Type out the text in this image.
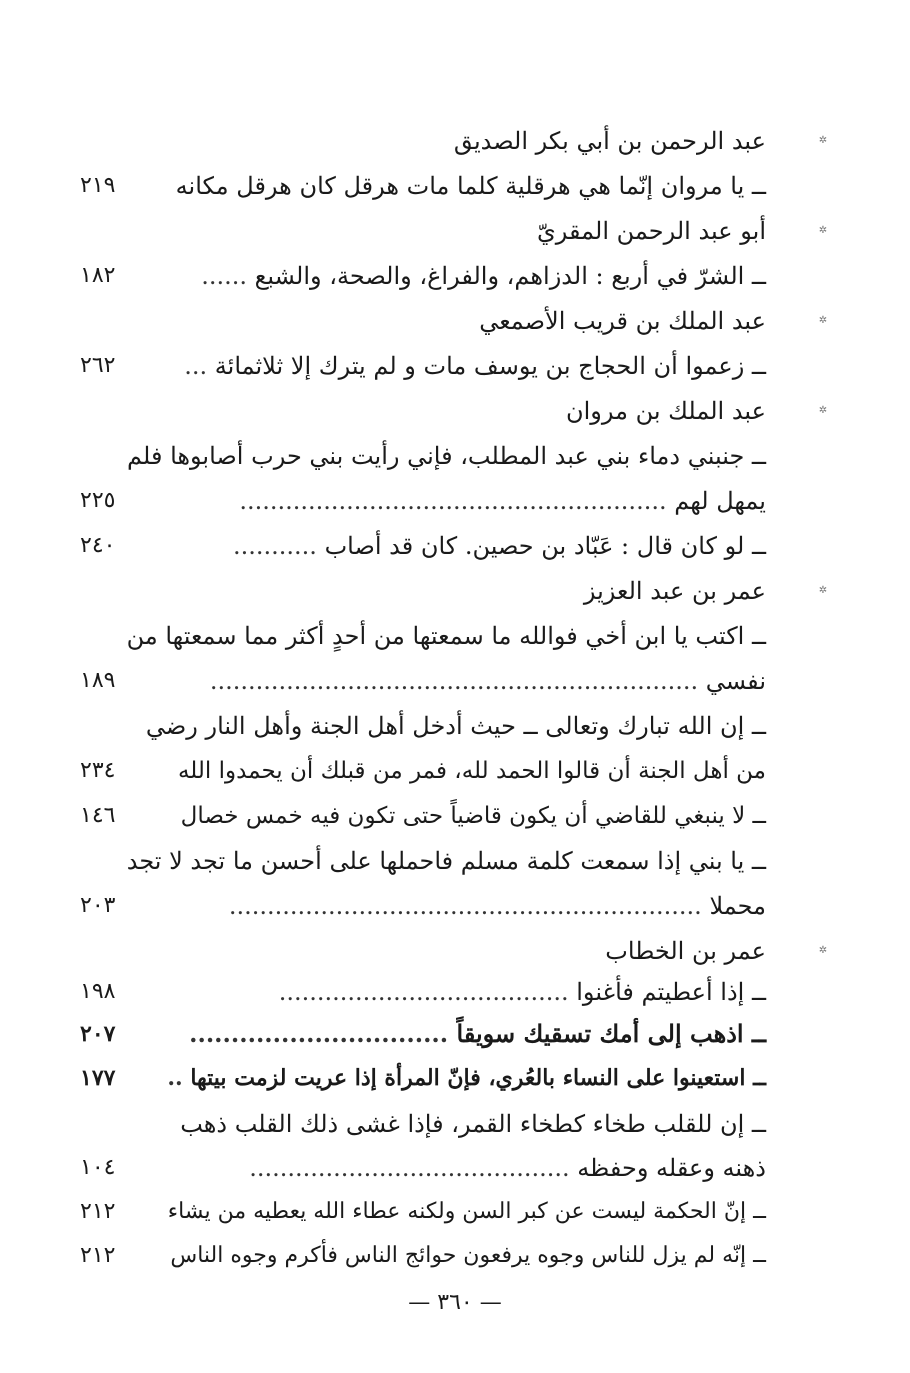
✲
عبد الرحمن بن أبي بكر الصديق
ــ يا مروان إنّما هي هرقلية كلما مات هرقل كان هرقل مكانه
٢١٩
✲
أبو عبد الرحمن المقريّ
ــ الشرّ في أربع : الدزاهم، والفراغ، والصحة، والشبع ......
١٨٢
✲
عبد الملك بن قريب الأصمعي
ــ زعموا أن الحجاج بن يوسف مات و لم يترك إلا ثلاثمائة ...
٢٦٢
✲
عبد الملك بن مروان
ــ جنبني دماء بني عبد المطلب، فإني رأيت بني حرب أصابوها فلم
يمهل لهم ........................................................
٢٢٥
ــ لو كان قال : عَبّاد بن حصين. كان قد أصاب ...........
٢٤٠
✲
عمر بن عبد العزيز
ــ اكتب يا ابن أخي فوالله ما سمعتها من أحدٍ أكثر مما سمعتها من
نفسي ................................................................
١٨٩
ــ إن الله تبارك وتعالى ــ حيث أدخل أهل الجنة وأهل النار رضي
من أهل الجنة أن قالوا الحمد لله، فمر من قبلك أن يحمدوا الله
٢٣٤
ــ لا ينبغي للقاضي أن يكون قاضياً حتى تكون فيه خمس خصال
١٤٦
ــ يا بني إذا سمعت كلمة مسلم فاحملها على أحسن ما تجد لا تجد
محملا ..............................................................
٢٠٣
✲
عمر بن الخطاب
ــ إذا أعطيتم فأغنوا ......................................
١٩٨
ــ اذهب إلى أمك تسقيك سويقاً ...............................
٢٠٧
ــ استعينوا على النساء بالعُري، فإنّ المرأة إذا عريت لزمت بيتها ..
١٧٧
ــ إن للقلب طخاء كطخاء القمر، فإذا غشى ذلك القلب ذهب
ذهنه وعقله وحفظه ..........................................
١٠٤
ــ إنّ الحكمة ليست عن كبر السن ولكنه عطاء الله يعطيه من يشاء
٢١٢
ــ إنّه لم يزل للناس وجوه يرفعون حوائج الناس فأكرم وجوه الناس
٢١٢
— ٣٦٠ —
